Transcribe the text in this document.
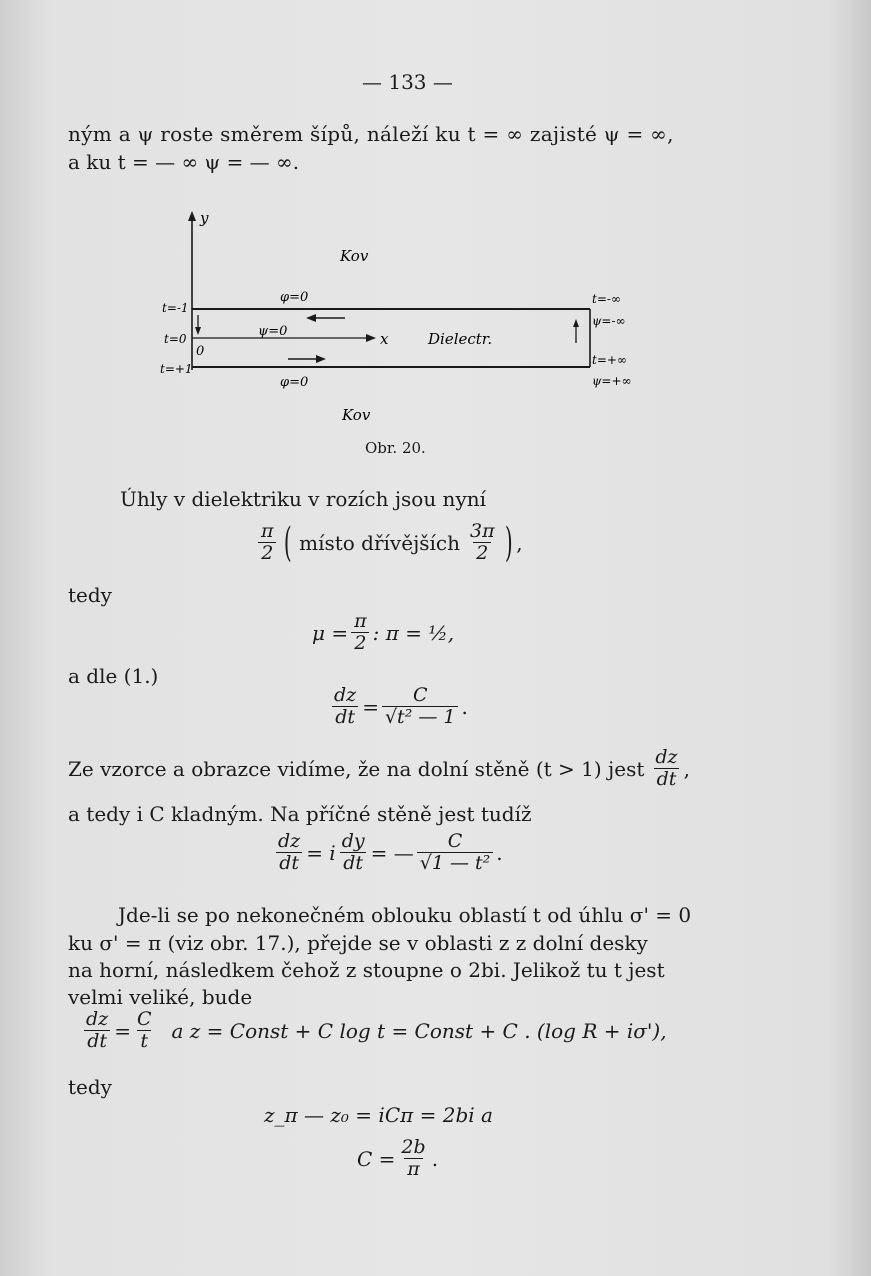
— 133 —
ným a ψ roste směrem šípů, náleží ku t = ∞ zajisté ψ = ∞,
a ku t = — ∞ ψ = — ∞.
y
x
Kov
φ=0
ψ=0
0
Dielectr.
φ=0
Kov
t=-1
t=0
t=+1
t=-∞
ψ=-∞
t=+∞
ψ=+∞
Obr. 20.
Úhly v dielektriku v rozích jsou nyní
$\frac{\pi}{2}$ ( místo dřívějších $\frac{3\pi}{2}$ ) ,
tedy
$\mu = \frac{\pi}{2}$ : π = ½,
a dle (1.)
$\frac{dz}{dt} = \frac{C}{\text{√t² — 1}}$ .
Ze vzorce a obrazce vidíme, že na dolní stěně (t > 1) jest $\frac{dz}{dt}$ ,
a tedy i C kladným. Na příčné stěně jest tudíž
$\frac{dz}{dt} = i \frac{dy}{dt}$ = — $\frac{C}{\text{√1 — t²}}$ .
Jde-li se po nekonečném oblouku oblastí t od úhlu σ' = 0
ku σ' = π (viz obr. 17.), přejde se v oblasti z z dolní desky
na horní, následkem čehož z stoupne o 2bi. Jelikož tu t jest
velmi veliké, bude
$\frac{dz}{dt} = \frac{C}{t}$ a z = Const + C log t = Const + C . (log R + iσ'),
tedy
z_π — z₀ = iCπ = 2bi a
$C = \frac{2b}{\pi}$ .
